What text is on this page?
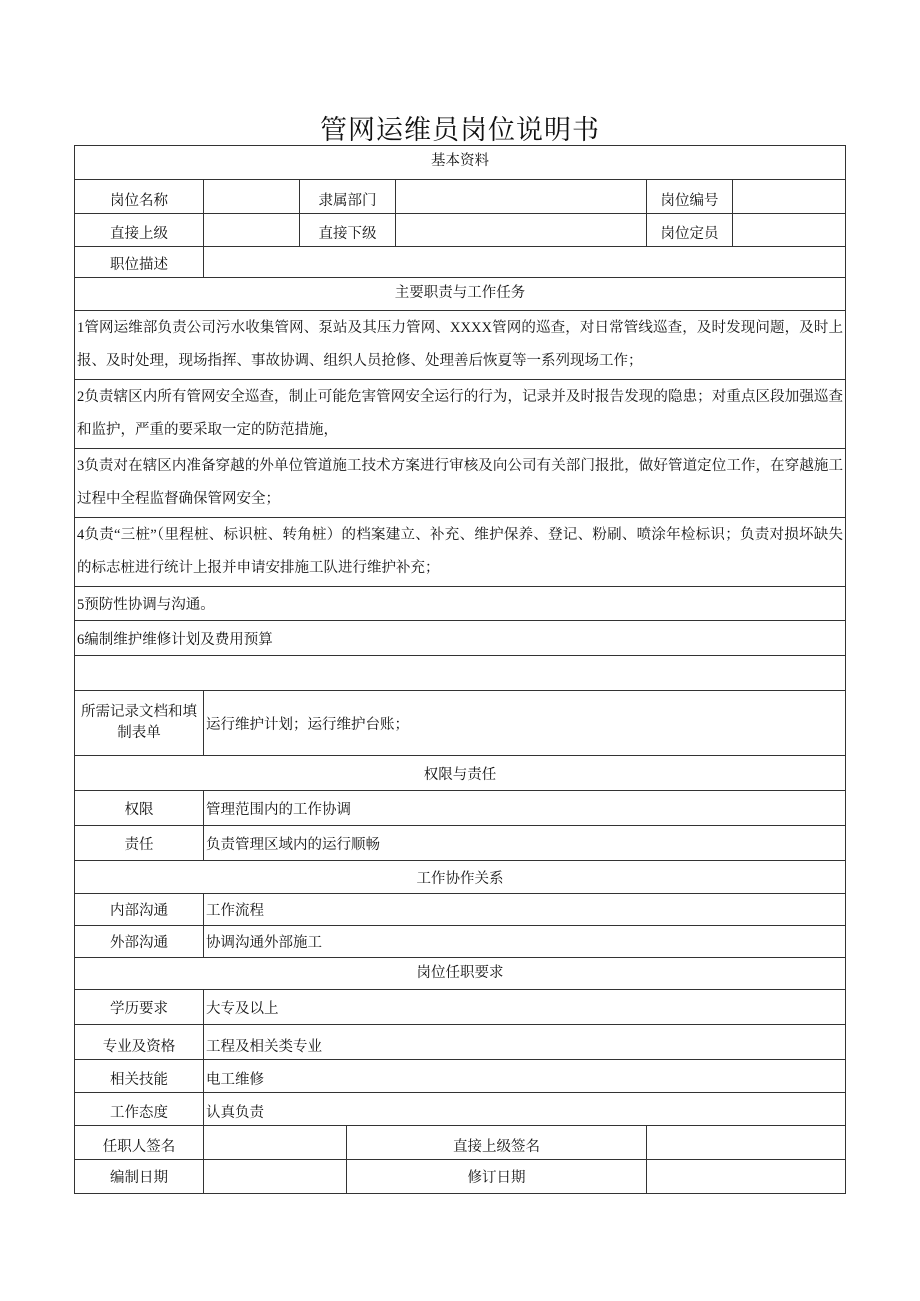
管网运维员岗位说明书
基本资料						
岗位名称		隶属部门			岗位编号	
直接上级		直接下级			岗位定员	
职位描述						
主要职责与工作任务						
1管网运维部负责公司污水收集管网、泵站及其压力管网、XXXX管网的巡查，对日常管线巡查，及时发现问题，及时上报、及时处理，现场指挥、事故协调、组织人员抢修、处理善后恢夏等一系列现场工作；						
2负责辖区内所有管网安全巡查，制止可能危害管网安全运行的行为，记录并及时报告发现的隐患；对重点区段加强巡查和监护，严重的要采取一定的防范措施，						
3负责对在辖区内准备穿越的外单位管道施工技术方案进行审核及向公司有关部门报批，做好管道定位工作，在穿越施工过程中全程监督确保管网安全；						
4负责“三桩”（里程桩、标识桩、转角桩）的档案建立、补充、维护保养、登记、粉刷、喷涂年检标识；负责对损坏缺失的标志桩进行统计上报并申请安排施工队进行维护补充；						
5预防性协调与沟通。						
6编制维护维修计划及费用预算						

所需记录文档和填制表单	运行维护计划；运行维护台账；					
权限与责任						
权限	管理范围内的工作协调					
责任	负责管理区域内的运行顺畅					
工作协作关系						
内部沟通	工作流程					
外部沟通	协调沟通外部施工					
岗位任职要求						
学历要求	大专及以上					
专业及资格	工程及相关类专业					
相关技能	电工维修					
工作态度	认真负责					
任职人签名			直接上级签名			
编制日期			修订日期			
